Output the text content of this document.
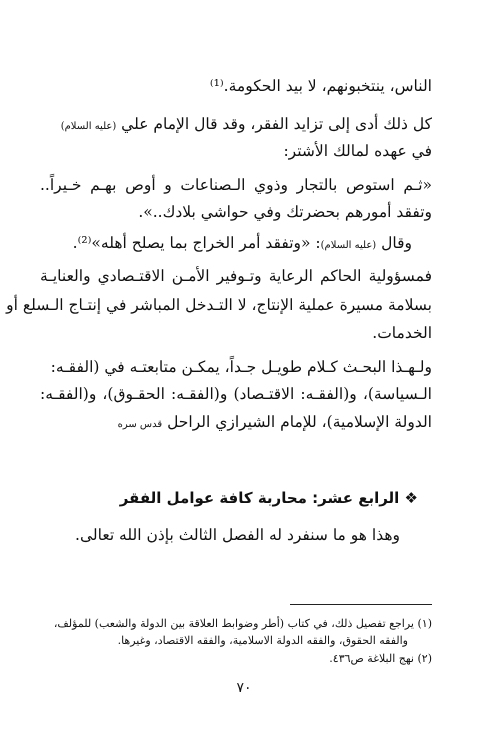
الناس، ينتخبونهم، لا بيد الحكومة.⁽¹⁾
كل ذلك أدى إلى تزايد الفقر، وقد قال الإمام علي (عليه السلام)
في عهده لمالك الأشتر:
«ثـم استوص بالتجار وذوي الـصناعات و أوص بهـم خـيراً..
وتفقد أمورهم بحضرتك وفي حواشي بلادك..».
وقال (عليه السلام): «وتفقد أمر الخراج بما يصلح أهله»⁽²⁾.
فمسؤولية الحاكم الرعاية وتـوفير الأمـن الاقتـصادي والعنايـة
بسلامة مسيرة عملية الإنتاج، لا التـدخل المباشر في إنتـاج الـسلع أو
الخدمات.
ولـهـذا البحـث كـلام طويـل جـداً، يمكـن متابعتـه في (الفقـه:
الـسياسة)، و(الفقـه: الاقتـصاد) و(الفقـه: الحقـوق)، و(الفقـه:
الدولة الإسلامية)، للإمام الشيرازي الراحل قدس سره
❖ الرابع عشر: محاربة كافة عوامل الفقر
وهذا هو ما سنفرد له الفصل الثالث بإذن الله تعالى.
(١) يراجع تفصيل ذلك، في كتاب (أطر وضوابط العلاقة بين الدولة والشعب) للمؤلف،
والفقه الحقوق، والفقه الدولة الاسلامية، والفقه الاقتصاد، وغيرها.
(٢) نهج البلاغة ص٤٣٦.
٧٠
